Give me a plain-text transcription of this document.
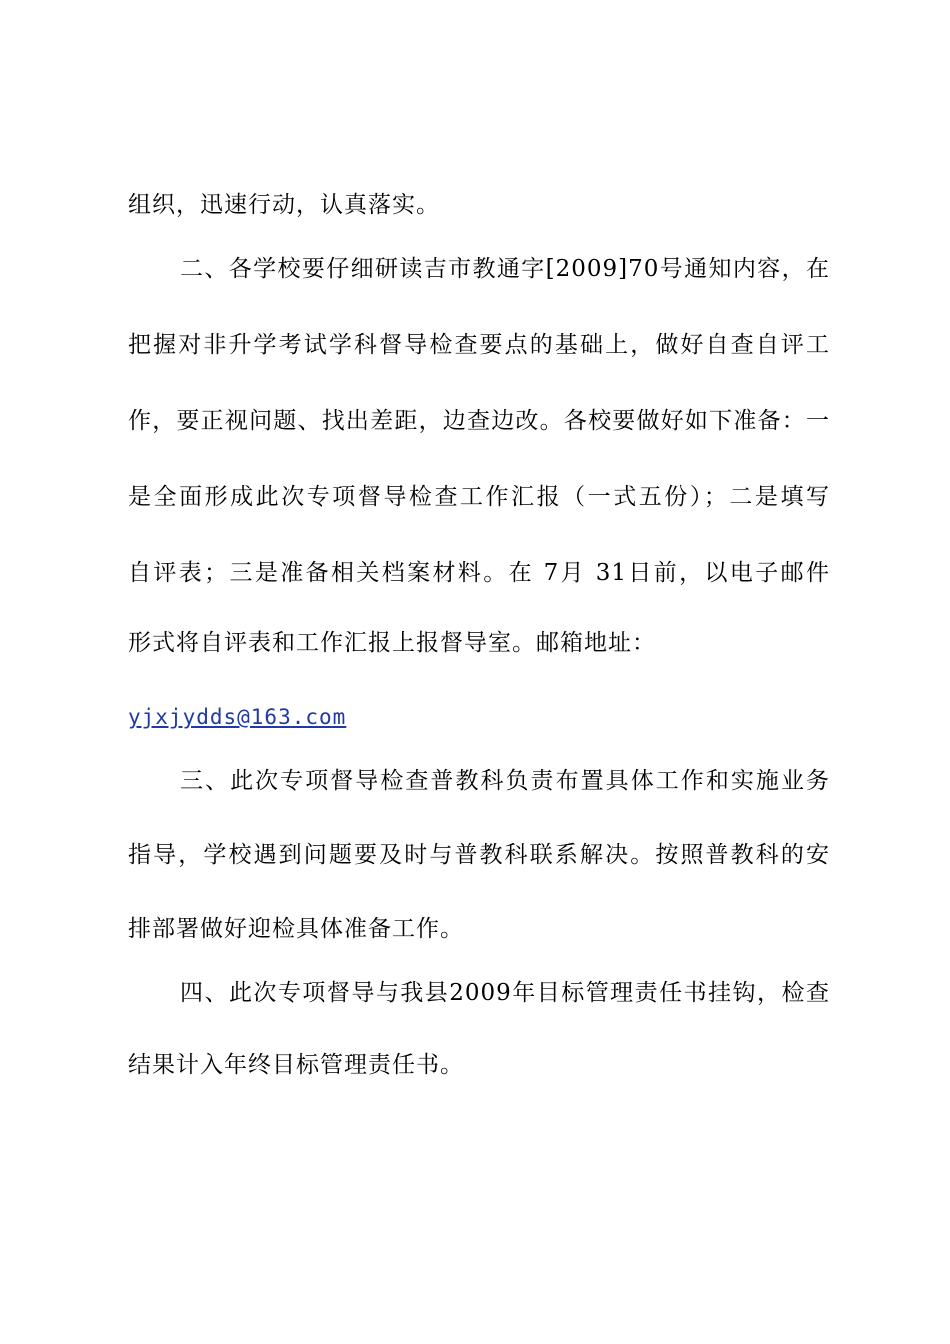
组织，迅速行动，认真落实。
二、各学校要仔细研读吉市教通字[2009]70号通知内容，在
把握对非升学考试学科督导检查要点的基础上，做好自查自评工
作，要正视问题、找出差距，边查边改。各校要做好如下准备：一
是全面形成此次专项督导检查工作汇报（一式五份）；二是填写
自评表；三是准备相关档案材料。在 7月 31日前，以电子邮件
形式将自评表和工作汇报上报督导室。邮箱地址：
yjxjydds@163.com
三、此次专项督导检查普教科负责布置具体工作和实施业务
指导，学校遇到问题要及时与普教科联系解决。按照普教科的安
排部署做好迎检具体准备工作。
四、此次专项督导与我县2009年目标管理责任书挂钩，检查
结果计入年终目标管理责任书。
